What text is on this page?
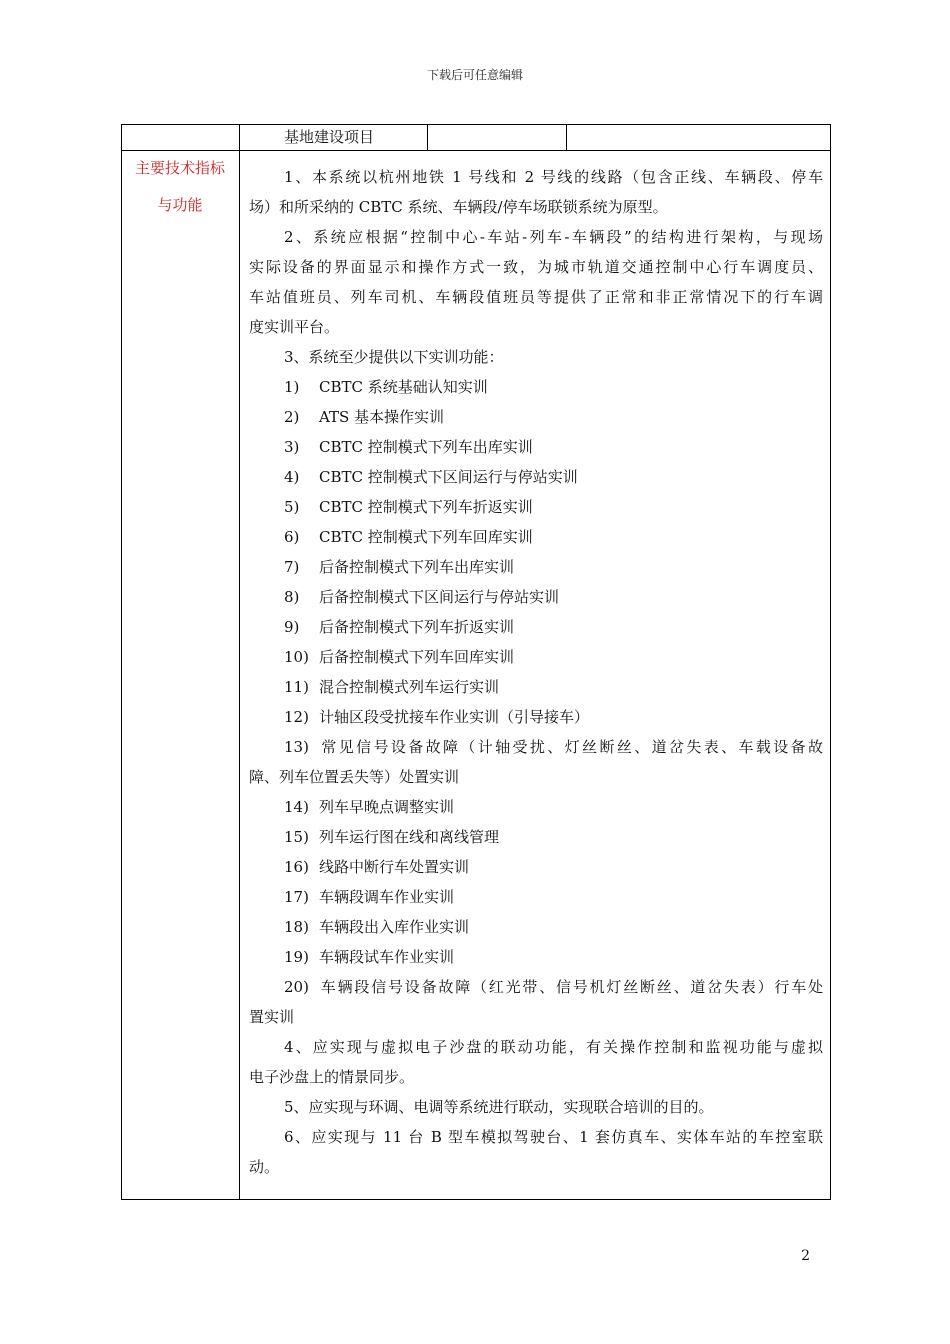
下载后可任意编辑
基地建设项目
主要技术指标
与功能
1、本系统以杭州地铁 1 号线和 2 号线的线路（包含正线、车辆段、停车
场）和所采纳的 CBTC 系统、车辆段/停车场联锁系统为原型。
2、系统应根据“控制中心-车站-列车-车辆段”的结构进行架构，与现场
实际设备的界面显示和操作方式一致，为城市轨道交通控制中心行车调度员、
车站值班员、列车司机、车辆段值班员等提供了正常和非正常情况下的行车调
度实训平台。
3、系统至少提供以下实训功能：
1) CBTC 系统基础认知实训
2) ATS 基本操作实训
3) CBTC 控制模式下列车出库实训
4) CBTC 控制模式下区间运行与停站实训
5) CBTC 控制模式下列车折返实训
6) CBTC 控制模式下列车回库实训
7) 后备控制模式下列车出库实训
8) 后备控制模式下区间运行与停站实训
9) 后备控制模式下列车折返实训
10) 后备控制模式下列车回库实训
11) 混合控制模式列车运行实训
12) 计轴区段受扰接车作业实训（引导接车）
13) 常见信号设备故障（计轴受扰、灯丝断丝、道岔失表、车载设备故
障、列车位置丢失等）处置实训
14) 列车早晚点调整实训
15) 列车运行图在线和离线管理
16) 线路中断行车处置实训
17) 车辆段调车作业实训
18) 车辆段出入库作业实训
19) 车辆段试车作业实训
20) 车辆段信号设备故障（红光带、信号机灯丝断丝、道岔失表）行车处
置实训
4、应实现与虚拟电子沙盘的联动功能，有关操作控制和监视功能与虚拟
电子沙盘上的情景同步。
5、应实现与环调、电调等系统进行联动，实现联合培训的目的。
6、应实现与 11 台 B 型车模拟驾驶台、1 套仿真车、实体车站的车控室联
动。
2
